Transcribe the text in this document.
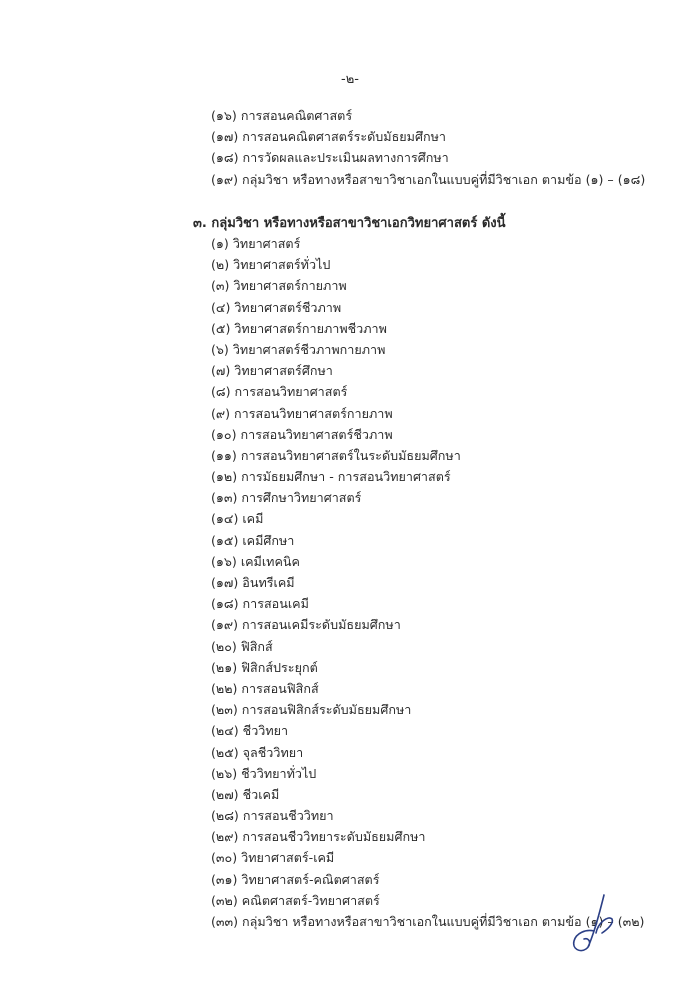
-๒-
(๑๖) การสอนคณิตศาสตร์
(๑๗) การสอนคณิตศาสตร์ระดับมัธยมศึกษา
(๑๘) การวัดผลและประเมินผลทางการศึกษา
(๑๙) กลุ่มวิชา หรือทางหรือสาขาวิชาเอกในแบบคู่ที่มีวิชาเอก ตามข้อ (๑) – (๑๘)
๓. กลุ่มวิชา หรือทางหรือสาขาวิชาเอกวิทยาศาสตร์ ดังนี้
(๑) วิทยาศาสตร์
(๒) วิทยาศาสตร์ทั่วไป
(๓) วิทยาศาสตร์กายภาพ
(๔) วิทยาศาสตร์ชีวภาพ
(๕) วิทยาศาสตร์กายภาพชีวภาพ
(๖) วิทยาศาสตร์ชีวภาพกายภาพ
(๗) วิทยาศาสตร์ศึกษา
(๘) การสอนวิทยาศาสตร์
(๙) การสอนวิทยาศาสตร์กายภาพ
(๑๐) การสอนวิทยาศาสตร์ชีวภาพ
(๑๑) การสอนวิทยาศาสตร์ในระดับมัธยมศึกษา
(๑๒) การมัธยมศึกษา - การสอนวิทยาศาสตร์
(๑๓) การศึกษาวิทยาศาสตร์
(๑๔) เคมี
(๑๕) เคมีศึกษา
(๑๖) เคมีเทคนิค
(๑๗) อินทรีเคมี
(๑๘) การสอนเคมี
(๑๙) การสอนเคมีระดับมัธยมศึกษา
(๒๐) ฟิสิกส์
(๒๑) ฟิสิกส์ประยุกต์
(๒๒) การสอนฟิสิกส์
(๒๓) การสอนฟิสิกส์ระดับมัธยมศึกษา
(๒๔) ชีววิทยา
(๒๕) จุลชีววิทยา
(๒๖) ชีววิทยาทั่วไป
(๒๗) ชีวเคมี
(๒๘) การสอนชีววิทยา
(๒๙) การสอนชีววิทยาระดับมัธยมศึกษา
(๓๐) วิทยาศาสตร์-เคมี
(๓๑) วิทยาศาสตร์-คณิตศาสตร์
(๓๒) คณิตศาสตร์-วิทยาศาสตร์
(๓๓) กลุ่มวิชา หรือทางหรือสาขาวิชาเอกในแบบคู่ที่มีวิชาเอก ตามข้อ (๑) – (๓๒)
